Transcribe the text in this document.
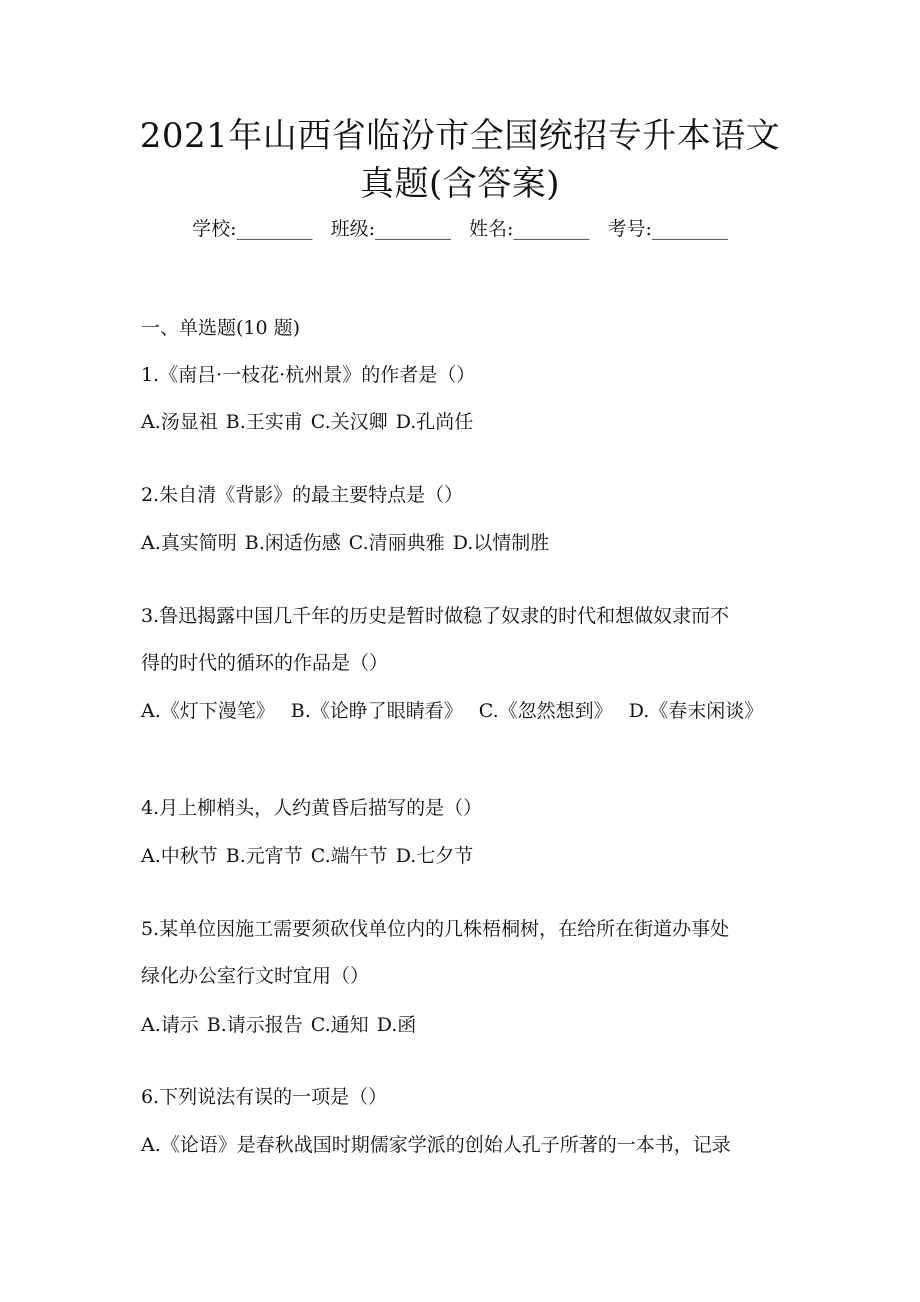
2021年山西省临汾市全国统招专升本语文
真题(含答案)
学校:________ 班级:________ 姓名:________ 考号:________
一、单选题(10 题)
1.《南吕·一枝花·杭州景》的作者是（）
A.汤显祖 B.王实甫 C.关汉卿 D.孔尚任
2.朱自清《背影》的最主要特点是（）
A.真实简明 B.闲适伤感 C.清丽典雅 D.以情制胜
3.鲁迅揭露中国几千年的历史是暂时做稳了奴隶的时代和想做奴隶而不
得的时代的循环的作品是（）
A.《灯下漫笔》 B.《论睁了眼睛看》 C.《忽然想到》 D.《春末闲谈》
4.月上柳梢头，人约黄昏后描写的是（）
A.中秋节 B.元宵节 C.端午节 D.七夕节
5.某单位因施工需要须砍伐单位内的几株梧桐树，在给所在街道办事处
绿化办公室行文时宜用（）
A.请示 B.请示报告 C.通知 D.函
6.下列说法有误的一项是（）
A.《论语》是春秋战国时期儒家学派的创始人孔子所著的一本书，记录
